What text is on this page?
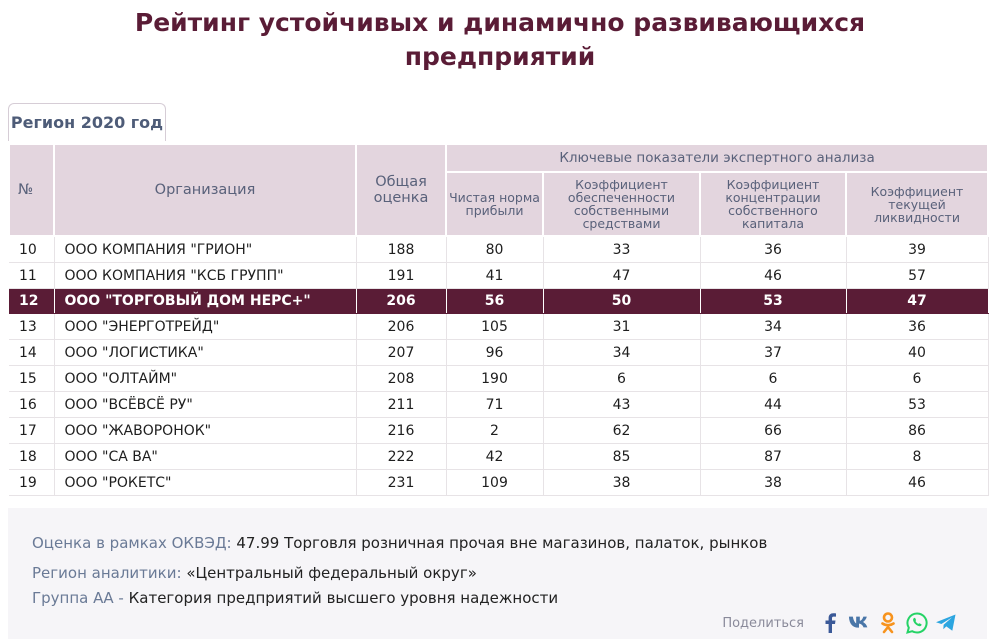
Рейтинг устойчивых и динамично развивающихся
предприятий
Регион 2020 год
№	Организация	Общая оценка	Ключевые показатели экспертного анализа			
			Чистая норма прибыли	Коэффициент обеспеченности собственными средствами	Коэффициент концентрации собственного капитала	Коэффициент текущей ликвидности
10	ООО КОМПАНИЯ "ГРИОН"	188	80	33	36	39
11	ООО КОМПАНИЯ "КСБ ГРУПП"	191	41	47	46	57
12	ООО "ТОРГОВЫЙ ДОМ НЕРС+"	206	56	50	53	47
13	ООО "ЭНЕРГОТРЕЙД"	206	105	31	34	36
14	ООО "ЛОГИСТИКА"	207	96	34	37	40
15	ООО "ОЛТАЙМ"	208	190	6	6	6
16	ООО "ВСЁВСЁ РУ"	211	71	43	44	53
17	ООО "ЖАВОРОНОК"	216	2	62	66	86
18	ООО "СА ВА"	222	42	85	87	8
19	ООО "РОКЕТС"	231	109	38	38	46
Оценка в рамках ОКВЭД: 47.99 Торговля розничная прочая вне магазинов, палаток, рынков
Регион аналитики: «Центральный федеральный округ»
Группа АА - Категория предприятий высшего уровня надежности
Поделиться
